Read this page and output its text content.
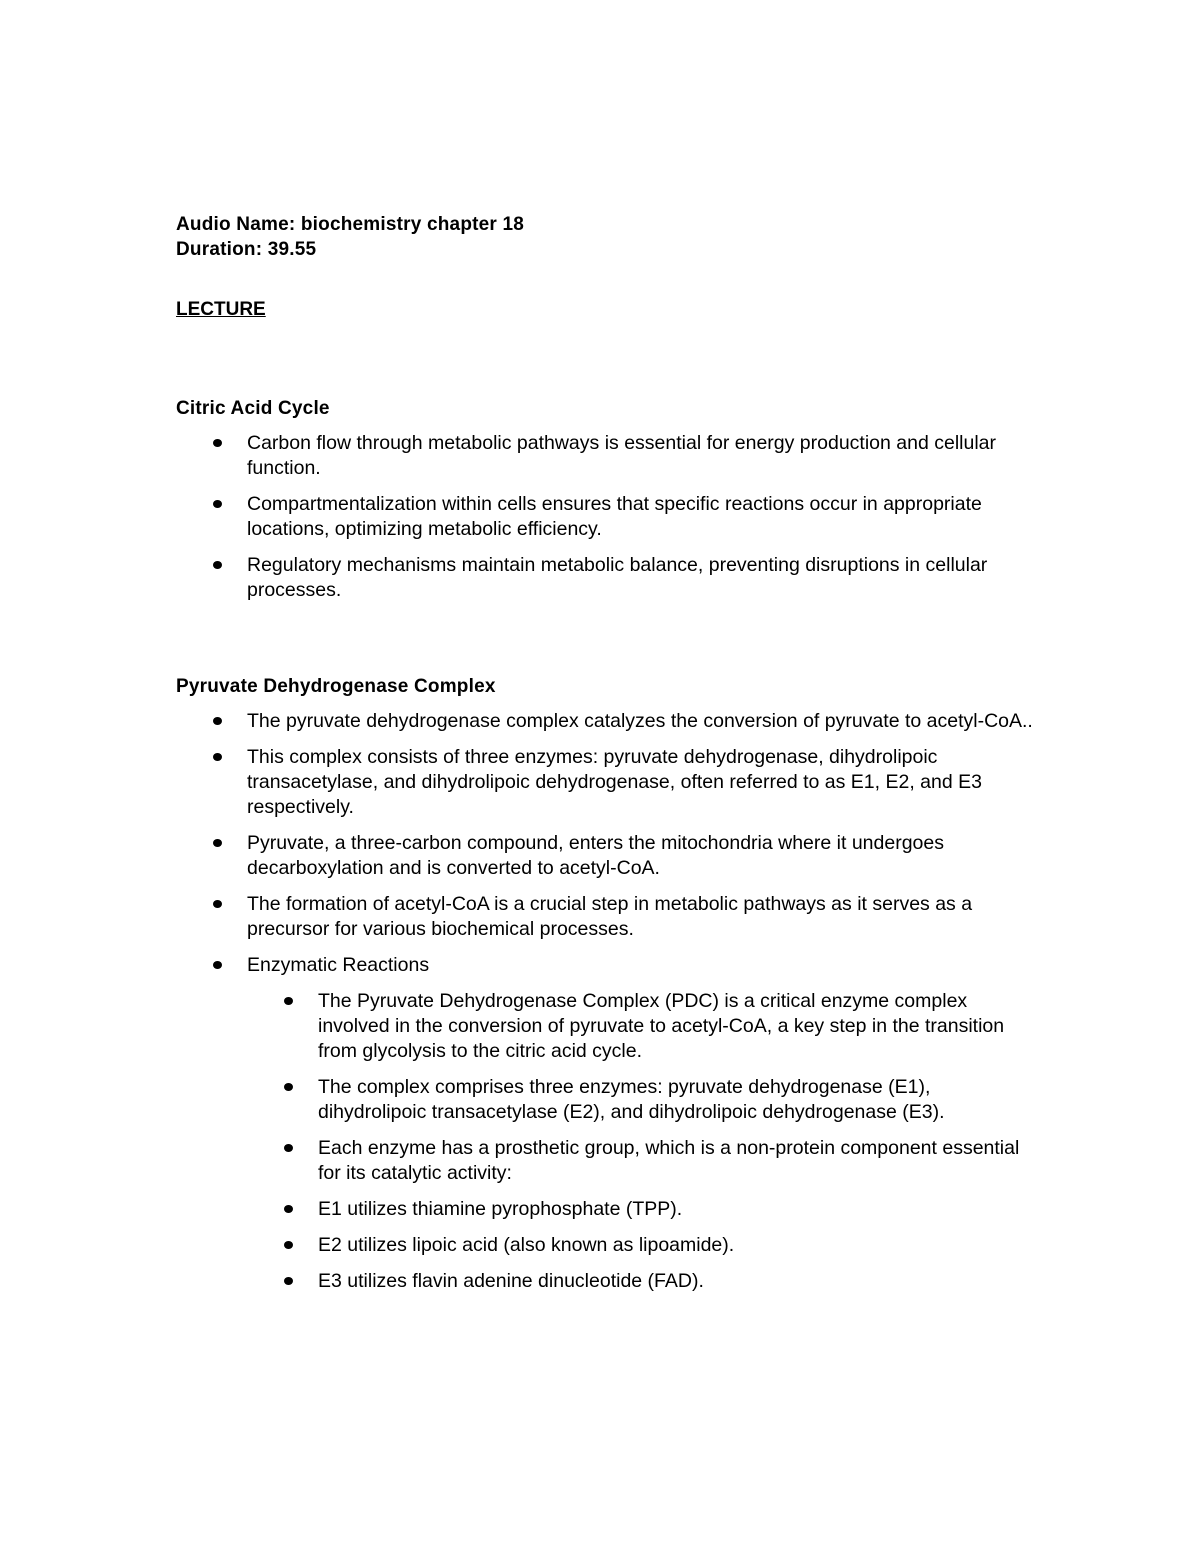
Audio Name: biochemistry chapter 18

Duration: 39.55

LECTURE

Citric Acid Cycle

Carbon flow through metabolic pathways is essential for energy production and cellular function.
Compartmentalization within cells ensures that specific reactions occur in appropriate locations, optimizing metabolic efficiency.
Regulatory mechanisms maintain metabolic balance, preventing disruptions in cellular processes.

Pyruvate Dehydrogenase Complex

The pyruvate dehydrogenase complex catalyzes the conversion of pyruvate to acetyl-CoA..
This complex consists of three enzymes: pyruvate dehydrogenase, dihydrolipoic transacetylase, and dihydrolipoic dehydrogenase, often referred to as E1, E2, and E3 respectively.
Pyruvate, a three-carbon compound, enters the mitochondria where it undergoes decarboxylation and is converted to acetyl-CoA.
The formation of acetyl-CoA is a crucial step in metabolic pathways as it serves as a precursor for various biochemical processes.
Enzymatic Reactions
The Pyruvate Dehydrogenase Complex (PDC) is a critical enzyme complex involved in the conversion of pyruvate to acetyl-CoA, a key step in the transition from glycolysis to the citric acid cycle.
The complex comprises three enzymes: pyruvate dehydrogenase (E1), dihydrolipoic transacetylase (E2), and dihydrolipoic dehydrogenase (E3).
Each enzyme has a prosthetic group, which is a non-protein component essential for its catalytic activity:
E1 utilizes thiamine pyrophosphate (TPP).
E2 utilizes lipoic acid (also known as lipoamide).
E3 utilizes flavin adenine dinucleotide (FAD).
